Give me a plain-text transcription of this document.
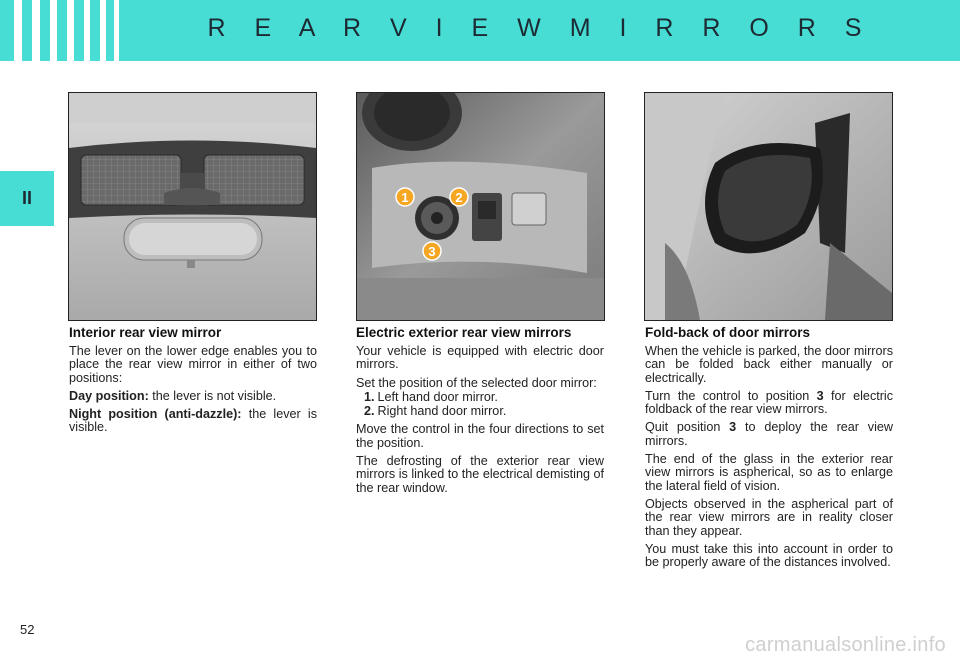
R E A R V I E W M I R R O R S
II	1	2
3
Interior rear view mirror

The lever on the lower edge enables you to place the rear view mirror in either of two positions:

Day position: the lever is not visible.

Night position (anti-dazzle): the lever is visible.

Electric exterior rear view mirrors

Your vehicle is equipped with electric door mirrors.

Set the position of the selected door mirror:

1. Left hand door mirror.
2. Right hand door mirror.

Move the control in the four directions to set the position.

The defrosting of the exterior rear view mirrors is linked to the electrical demisting of the rear window.

Fold-back of door mirrors

When the vehicle is parked, the door mirrors can be folded back either manually or electrically.

Turn the control to position 3 for electric foldback of the rear view mirrors.

Quit position 3 to deploy the rear view mirrors.

The end of the glass in the exterior rear view mirrors is aspherical, so as to enlarge the lateral field of vision.

Objects observed in the aspherical part of the rear view mirrors are in reality closer than they appear.

You must take this into account in order to be properly aware of the distances involved.

52
carmanualsonline.info
